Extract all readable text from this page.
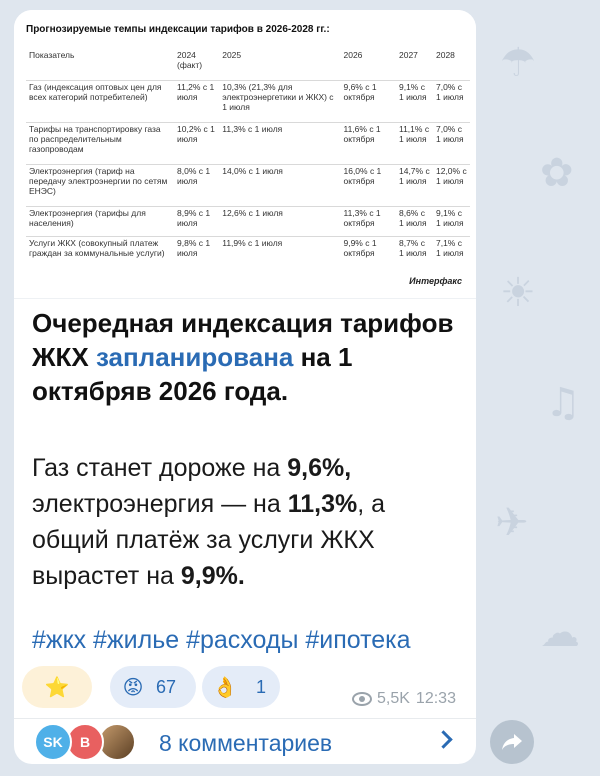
☂
✿
☀
♫
✈
☁
Прогнозируемые темпы индексации тарифов в 2026-2028 гг.:
Показатель	2024 (факт)	2025	2026	2027	2028
Газ (индексация оптовых цен для всех категорий потребителей)	11,2% с 1 июля	10,3% (21,3% для электроэнергетики и ЖКХ) с 1 июля	9,6% с 1 октября	9,1% с 1 июля	7,0% с 1 июля
Тарифы на транспортировку газа по распределительным газопроводам	10,2% с 1 июля	11,3% с 1 июля	11,6% с 1 октября	11,1% с 1 июля	7,0% с 1 июля
Электроэнергия (тариф на передачу электроэнергии по сетям ЕНЭС)	8,0% с 1 июля	14,0% с 1 июля	16,0% с 1 октября	14,7% с 1 июля	12,0% с 1 июля
Электроэнергия (тарифы для населения)	8,9% с 1 июля	12,6% с 1 июля	11,3% с 1 октября	8,6% с 1 июля	9,1% с 1 июля
Услуги ЖКХ (совокупный платеж граждан за коммунальные услуги)	9,8% с 1 июля	11,9% с 1 июля	9,9% с 1 октября	8,7% с 1 июля	7,1% с 1 июля
Интерфакс
Очередная индексация тарифов ЖКХ запланирована на 1 октябряв 2026 года.
Газ станет дороже на 9,6%, электроэнергия — на 11,3%, а общий платёж за услуги ЖКХ вырастет на 9,9%.
#жкх #жилье #расходы #ипотека
⭐	😡 67 👌 1
5,5K 12:33
SK	B	8 комментариев
